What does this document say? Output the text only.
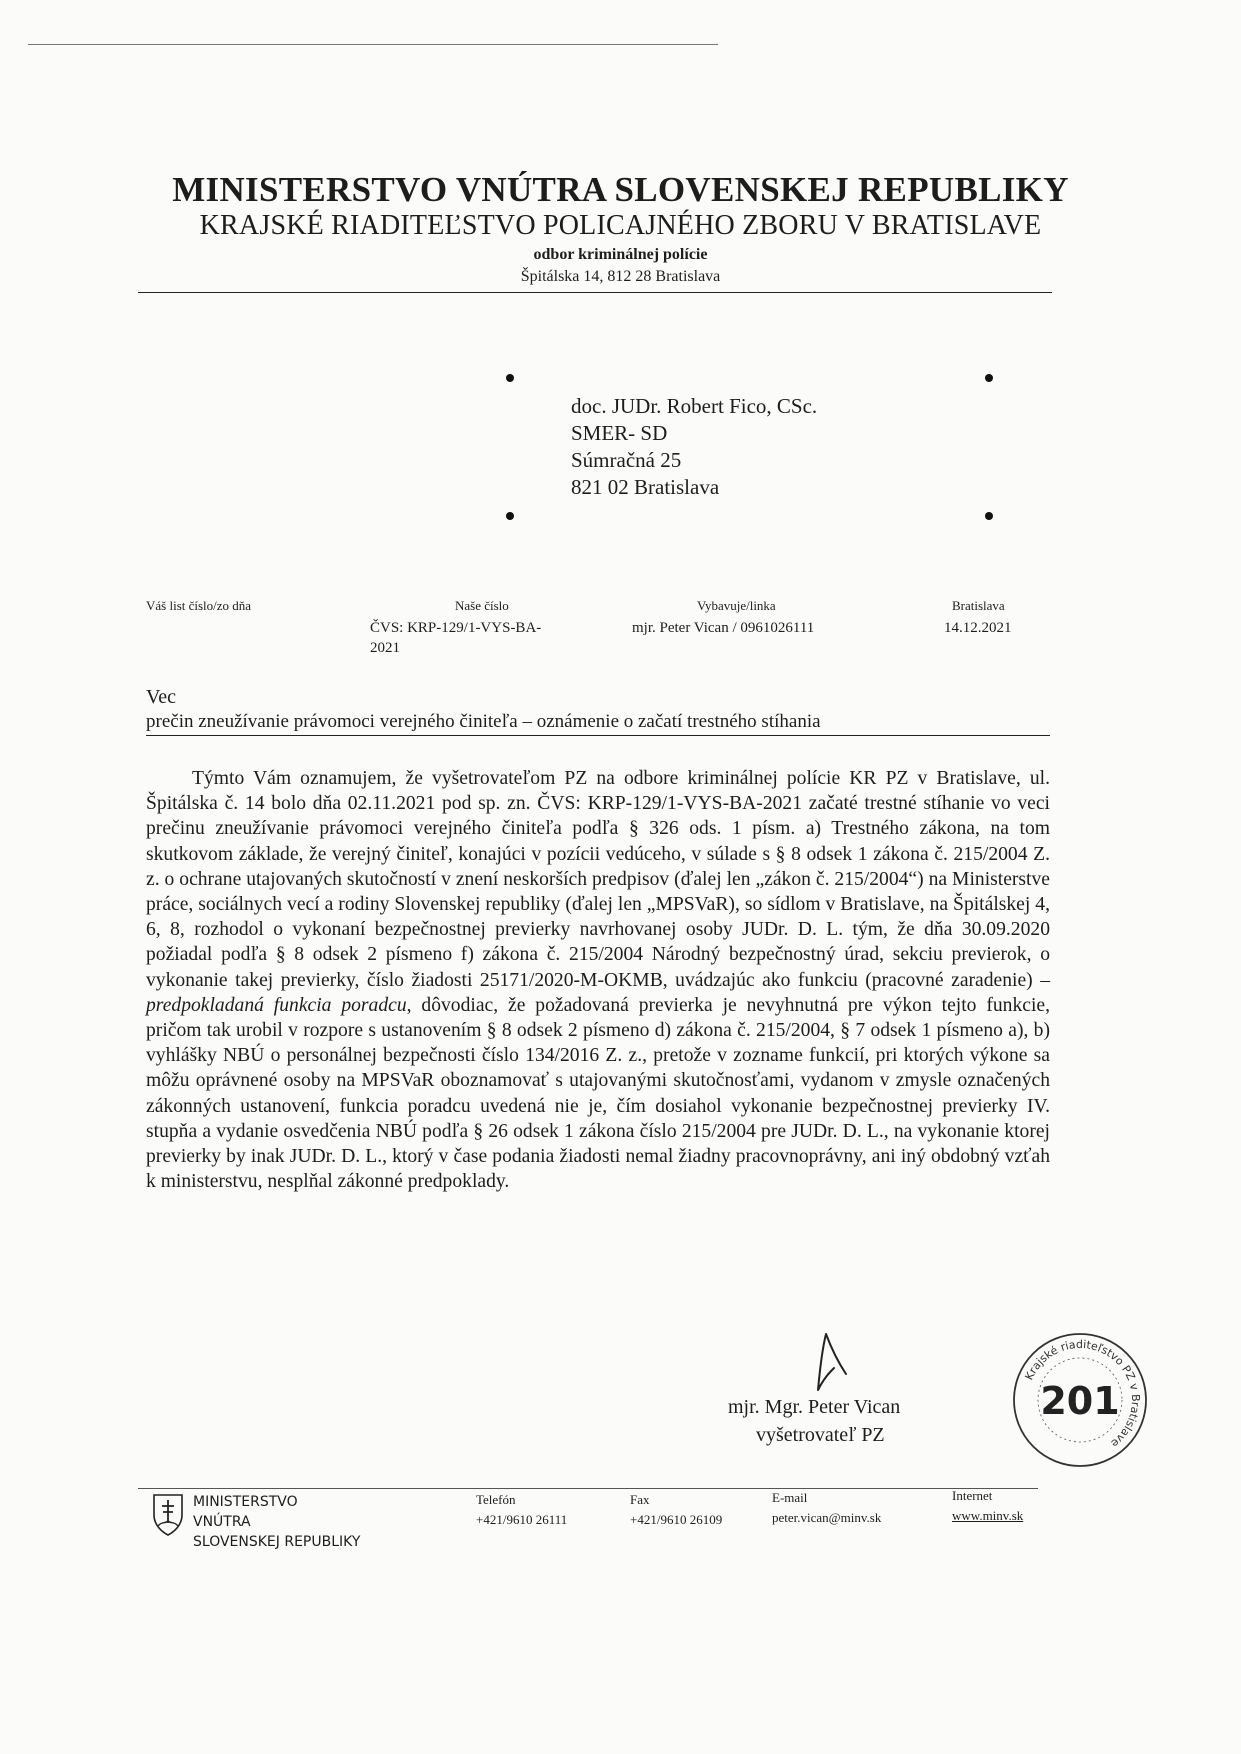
MINISTERSTVO VNÚTRA SLOVENSKEJ REPUBLIKY
KRAJSKÉ RIADITEĽSTVO POLICAJNÉHO ZBORU V BRATISLAVE
odbor kriminálnej polície
Špitálska 14, 812 28 Bratislava
doc. JUDr. Robert Fico, CSc.
SMER- SD
Súmračná 25
821 02 Bratislava
Váš list číslo/zo dňa	Naše číslo
ČVS: KRP-129/1-VYS-BA-
2021
Vybavuje/linka
mjr. Peter Vican / 0961026111
Bratislava
14.12.2021
Vec
prečin zneužívanie právomoci verejného činiteľa – oznámenie o začatí trestného stíhania

Týmto Vám oznamujem, že vyšetrovateľom PZ na odbore kriminálnej polície KR PZ v Bratislave, ul. Špitálska č. 14 bolo dňa 02.11.2021 pod sp. zn. ČVS: KRP-129/1-VYS-BA-2021 začaté trestné stíhanie vo veci prečinu zneužívanie právomoci verejného činiteľa podľa § 326 ods. 1 písm. a) Trestného zákona, na tom skutkovom základe, že verejný činiteľ, konajúci v pozícii vedúceho, v súlade s § 8 odsek 1 zákona č. 215/2004 Z. z. o ochrane utajovaných skutočností v znení neskorších predpisov (ďalej len „zákon č. 215/2004“) na Ministerstve práce, sociálnych vecí a rodiny Slovenskej republiky (ďalej len „MPSVaR), so sídlom v Bratislave, na Špitálskej 4, 6, 8, rozhodol o vykonaní bezpečnostnej previerky navrhovanej osoby JUDr. D. L. tým, že dňa 30.09.2020 požiadal podľa § 8 odsek 2 písmeno f) zákona č. 215/2004 Národný bezpečnostný úrad, sekciu previerok, o vykonanie takej previerky, číslo žiadosti 25171/2020-M-OKMB, uvádzajúc ako funkciu (pracovné zaradenie) – predpokladaná funkcia poradcu, dôvodiac, že požadovaná previerka je nevyhnutná pre výkon tejto funkcie, pričom tak urobil v rozpore s ustanovením § 8 odsek 2 písmeno d) zákona č. 215/2004, § 7 odsek 1 písmeno a), b) vyhlášky NBÚ o personálnej bezpečnosti číslo 134/2016 Z. z., pretože v zozname funkcií, pri ktorých výkone sa môžu oprávnené osoby na MPSVaR oboznamovať s utajovanými skutočnosťami, vydanom v zmysle označených zákonných ustanovení, funkcia poradcu uvedená nie je, čím dosiahol vykonanie bezpečnostnej previerky IV. stupňa a vydanie osvedčenia NBÚ podľa § 26 odsek 1 zákona číslo 215/2004 pre JUDr. D. L., na vykonanie ktorej previerky by inak JUDr. D. L., ktorý v čase podania žiadosti nemal žiadny pracovnoprávny, ani iný obdobný vzťah k ministerstvu, nesplňal zákonné predpoklady.

mjr. Mgr. Peter Vican
vyšetrovateľ PZ
Krajské riaditeľstvo PZ v Bratislave
201
MINISTERSTVO
VNÚTRA
SLOVENSKEJ REPUBLIKY
Telefón
+421/9610 26111
Fax
+421/9610 26109
E-mail
peter.vican@minv.sk
Internet
www.minv.sk
